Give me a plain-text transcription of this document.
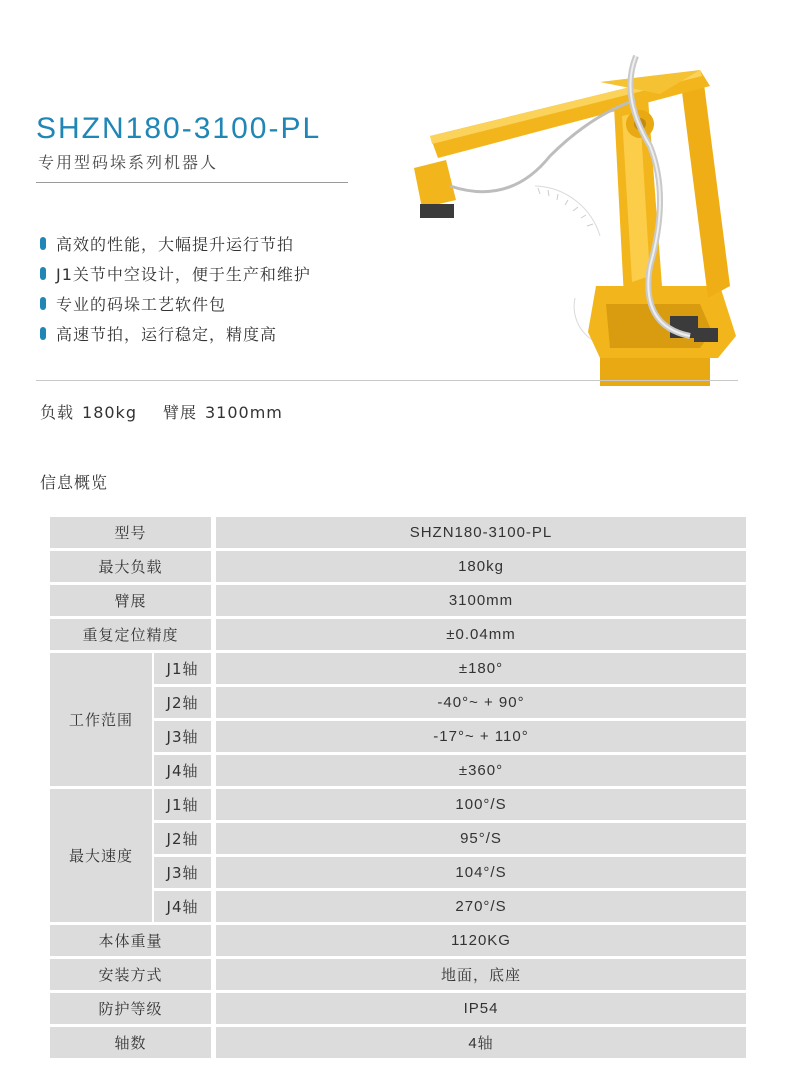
SHZN180-3100-PL
专用型码垛系列机器人
高效的性能，大幅提升运行节拍
J1关节中空设计，便于生产和维护
专业的码垛工艺软件包
高速节拍，运行稳定，精度高
负载 180kg 臂展 3100mm
信息概览
型号		SHZN180-3100-PL
最大负载		180kg
臂展		3100mm
重复定位精度		±0.04mm
工作范围	J1轴	±180°
	J2轴	-40°~ + 90°
	J3轴	-17°~ + 110°
	J4轴	±360°
最大速度	J1轴	100°/S
	J2轴	95°/S
	J3轴	104°/S
	J4轴	270°/S
本体重量		1120KG
安装方式		地面，底座
防护等级		IP54
轴数		4轴
